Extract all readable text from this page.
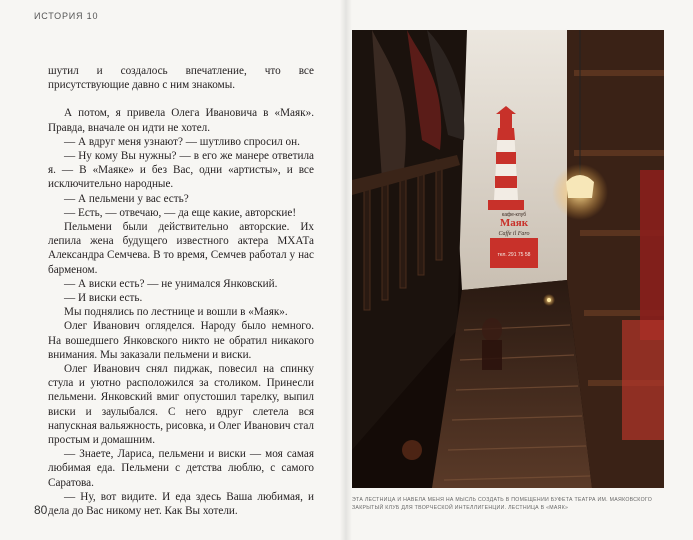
ИСТОРИЯ 10

шутил и создалось впечатление, что все присутствующие давно с ним знакомы.

А потом, я привела Олега Ивановича в «Маяк». Правда, вначале он идти не хотел.

— А вдруг меня узнают? — шутливо спросил он.

— Ну кому Вы нужны? — в его же манере ответила я. — В «Маяке» и без Вас, одни «артисты», и все исключительно народные.

— А пельмени у вас есть?

— Есть, — отвечаю, — да еще какие, авторские!

Пельмени были действительно авторские. Их лепила жена будущего известного актера МХАТа Александра Семчева. В то время, Семчев работал у нас барменом.

— А виски есть? — не унимался Янковский.

— И виски есть.

Мы поднялись по лестнице и вошли в «Маяк».

Олег Иванович огляделся. Народу было немного. На вошедшего Янковского никто не обратил никакого внимания. Мы заказали пельмени и виски.

Олег Иванович снял пиджак, повесил на спинку стула и уютно расположился за столиком. Принесли пельмени. Янковский вмиг опустошил тарелку, выпил виски и заулыбался. С него вдруг слетела вся напускная вальяжность, рисовка, и Олег Иванович стал простым и домашним.

— Знаете, Лариса, пельмени и виски — моя самая любимая еда. Пельмени с детства люблю, с самого Саратова.

— Ну, вот видите. И еда здесь Ваша любимая, и дела до Вас никому нет. Как Вы хотели.

80
кафе-клуб
Маяк
Caffe il Faro
тел. 291 75 58
ЭТА ЛЕСТНИЦА И НАВЕЛА МЕНЯ НА МЫСЛЬ СОЗДАТЬ В ПОМЕЩЕНИИ БУФЕТА ТЕАТРА ИМ. МАЯКОВСКОГО ЗАКРЫТЫЙ КЛУБ ДЛЯ ТВОРЧЕСКОЙ ИНТЕЛЛИГЕНЦИИ. ЛЕСТНИЦА В «МАЯК»
